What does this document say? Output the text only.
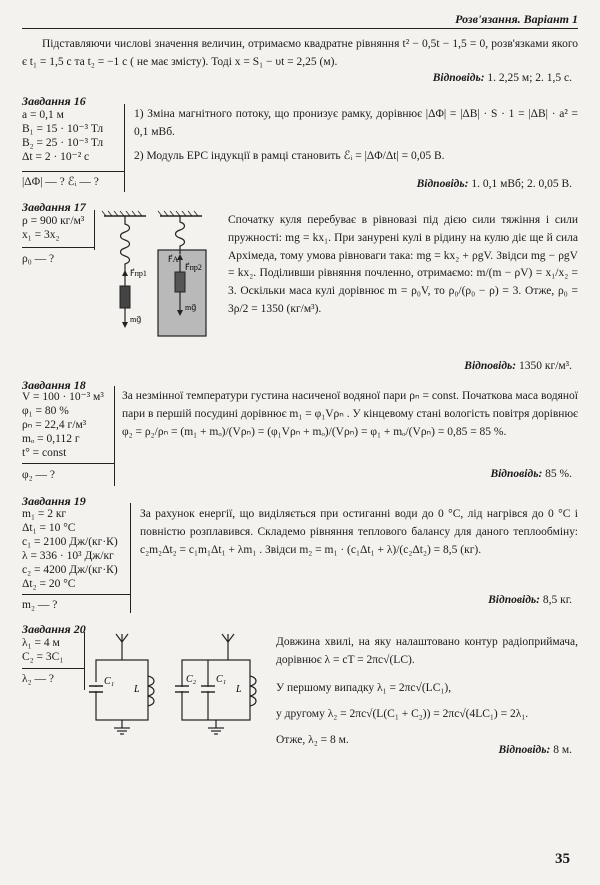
Розв'язання. Варіант 1
Підставляючи числові значення величин, отримаємо квадратне рівняння t² − 0,5t − 1,5 = 0, розв'язками якого є t₁ = 1,5 с та t₂ = −1 с ( не має змісту). Тоді x = S₁ − υt = 2,25 (м).
Відповідь: 1. 2,25 м; 2. 1,5 с.
Завдання 16
a = 0,1 м
B₁ = 15 · 10⁻³ Тл
B₂ = 25 · 10⁻³ Тл
Δt = 2 · 10⁻² с
|ΔΦ| — ? ℰᵢ — ?
1) Зміна магнітного потоку, що пронизує рамку, дорівнює |ΔΦ| = |ΔB| · S · 1 = |ΔB| · a² = 0,1 мВб.
2) Модуль ЕРС індукції в рамці становить ℰᵢ = |ΔΦ/Δt| = 0,05 В.
Відповідь: 1. 0,1 мВб; 2. 0,05 В.
Завдання 17
ρ = 900 кг/м³
x₁ = 3x₂
ρ₀ — ?
F⃗пр1
mg⃗
F⃗A
F⃗пр2
mg⃗
Спочатку куля перебуває в рівновазі під дією сили тяжіння і сили пружності: mg = kx₁. При занурені кулі в рідину на кулю діє ще й сила Архімеда, тому умова рівноваги така: mg = kx₂ + ρgV. Звідси mg − ρgV = kx₂. Поділивши рівняння почленно, отримаємо: m/(m − ρV) = x₁/x₂ = 3. Оскільки маса кулі дорівнює m = ρ₀V, то ρ₀/(ρ₀ − ρ) = 3. Отже, ρ₀ = 3ρ/2 = 1350 (кг/м³).
Відповідь: 1350 кг/м³.
Завдання 18
V = 100 · 10⁻³ м³
φ₁ = 80 %
ρₙ = 22,4 г/м³
mₒ = 0,112 г
t° = const
φ₂ — ?
За незмінної температури густина насиченої водяної пари ρₙ = const. Початкова маса водяної пари в першій посудині дорівнює m₁ = φ₁Vρₙ . У кінцевому стані вологість повітря дорівнює φ₂ = ρ₂/ρₙ = (m₁ + mₒ)/(Vρₙ) = (φ₁Vρₙ + mₒ)/(Vρₙ) = φ₁ + mₒ/(Vρₙ) = 0,85 = 85 %.
Відповідь: 85 %.
Завдання 19
m₁ = 2 кг
Δt₁ = 10 °C
c₁ = 2100 Дж/(кг·К)
λ = 336 · 10³ Дж/кг
c₂ = 4200 Дж/(кг·К)
Δt₂ = 20 °C
m₂ — ?
За рахунок енергії, що виділяється при остиганні води до 0 °C, лід нагрівся до 0 °C і повністю розплавився. Складемо рівняння теплового балансу для даного теплообміну: c₂m₂Δt₂ = c₁m₁Δt₁ + λm₁ . Звідси m₂ = m₁ · (c₁Δt₁ + λ)/(c₂Δt₂) = 8,5 (кг).
Відповідь: 8,5 кг.
Завдання 20
λ₁ = 4 м
C₂ = 3C₁
λ₂ — ?	C₁
L
C₂ C₁
L
Довжина хвилі, на яку налаштовано контур радіоприймача, дорівнює λ = cT = 2πc√(LC).
У першому випадку λ₁ = 2πc√(LC₁),
у другому λ₂ = 2πc√(L(C₁ + C₂)) = 2πc√(4LC₁) = 2λ₁.
Отже, λ₂ = 8 м.
Відповідь: 8 м.
35
